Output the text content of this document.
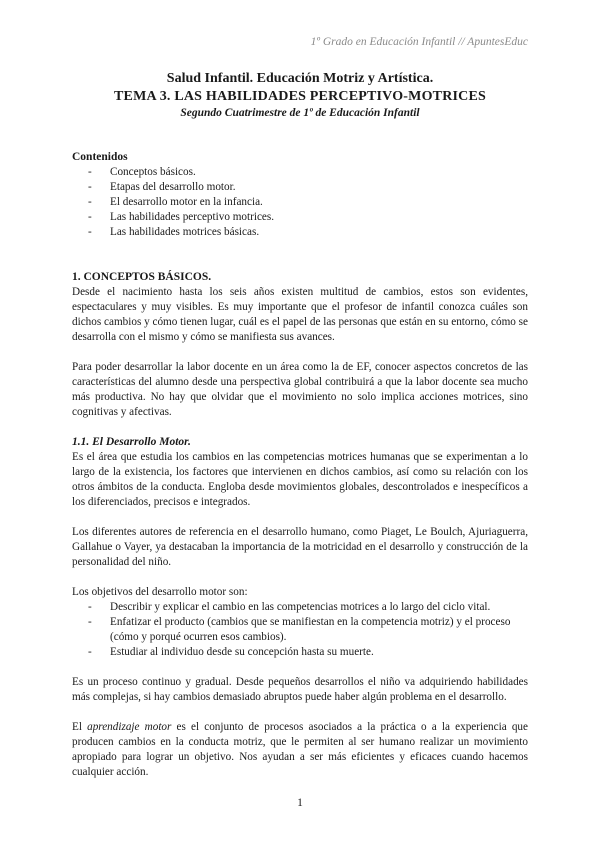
1º Grado en Educación Infantil // ApuntesEduc
Salud Infantil. Educación Motriz y Artística.
TEMA 3. LAS HABILIDADES PERCEPTIVO-MOTRICES
Segundo Cuatrimestre de 1º de Educación Infantil
Contenidos
- Conceptos básicos.
- Etapas del desarrollo motor.
- El desarrollo motor en la infancia.
- Las habilidades perceptivo motrices.
- Las habilidades motrices básicas.
1. CONCEPTOS BÁSICOS.

Desde el nacimiento hasta los seis años existen multitud de cambios, estos son evidentes, espectaculares y muy visibles. Es muy importante que el profesor de infantil conozca cuáles son dichos cambios y cómo tienen lugar, cuál es el papel de las personas que están en su entorno, cómo se desarrolla con el mismo y cómo se manifiesta sus avances.

Para poder desarrollar la labor docente en un área como la de EF, conocer aspectos concretos de las características del alumno desde una perspectiva global contribuirá a que la labor docente sea mucho más productiva. No hay que olvidar que el movimiento no solo implica acciones motrices, sino cognitivas y afectivas.

1.1. El Desarrollo Motor.

Es el área que estudia los cambios en las competencias motrices humanas que se experimentan a lo largo de la existencia, los factores que intervienen en dichos cambios, así como su relación con los otros ámbitos de la conducta. Engloba desde movimientos globales, descontrolados e inespecíficos a los diferenciados, precisos e integrados.

Los diferentes autores de referencia en el desarrollo humano, como Piaget, Le Boulch, Ajuriaguerra, Gallahue o Vayer, ya destacaban la importancia de la motricidad en el desarrollo y construcción de la personalidad del niño.

Los objetivos del desarrollo motor son:

- Describir y explicar el cambio en las competencias motrices a lo largo del ciclo vital.
- Enfatizar el producto (cambios que se manifiestan en la competencia motriz) y el proceso (cómo y porqué ocurren esos cambios).
- Estudiar al individuo desde su concepción hasta su muerte.

Es un proceso continuo y gradual. Desde pequeños desarrollos el niño va adquiriendo habilidades más complejas, si hay cambios demasiado abruptos puede haber algún problema en el desarrollo.

El aprendizaje motor es el conjunto de procesos asociados a la práctica o a la experiencia que producen cambios en la conducta motriz, que le permiten al ser humano realizar un movimiento apropiado para lograr un objetivo. Nos ayudan a ser más eficientes y eficaces cuando hacemos cualquier acción.

1
